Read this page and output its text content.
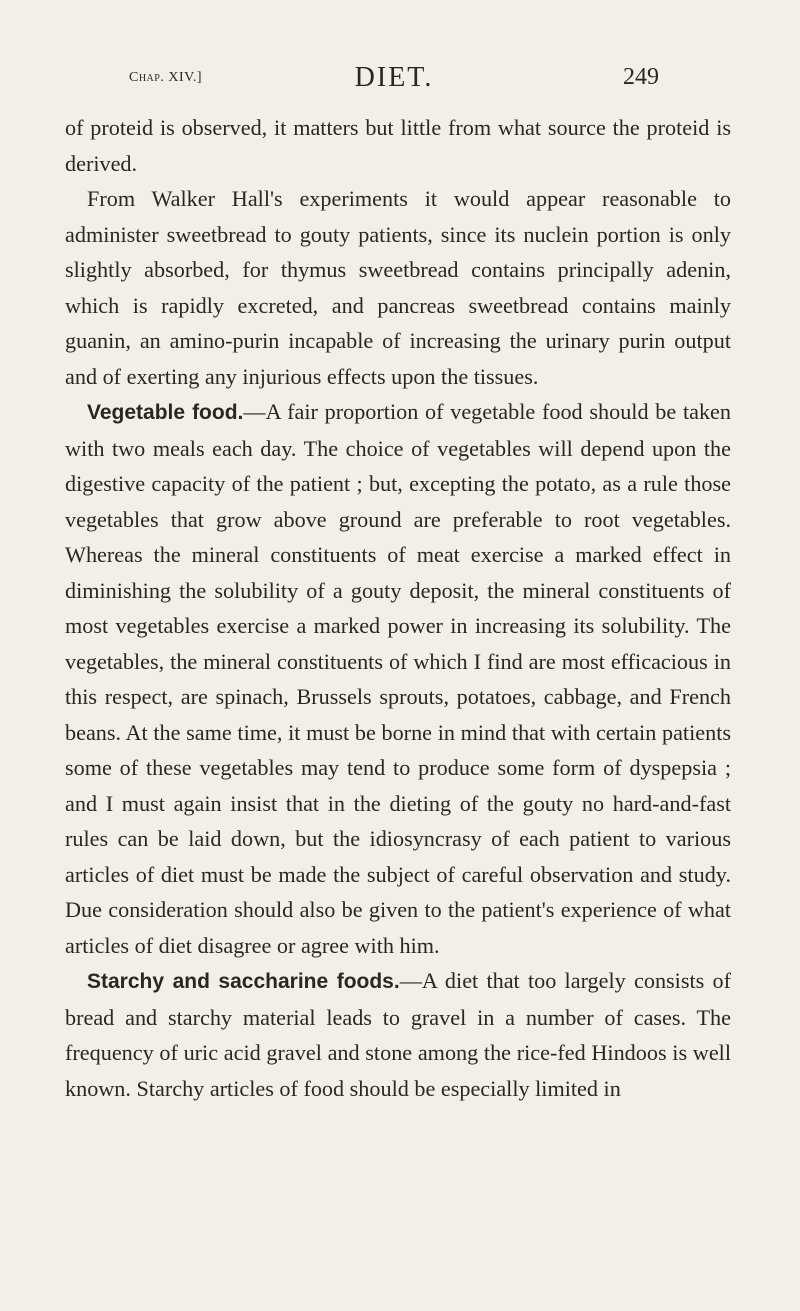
Chap. XIV.]	DIET.	249

of proteid is observed, it matters but little from what source the proteid is derived.

From Walker Hall's experiments it would appear reasonable to administer sweetbread to gouty patients, since its nuclein portion is only slightly absorbed, for thymus sweetbread contains principally adenin, which is rapidly excreted, and pancreas sweetbread contains mainly guanin, an amino-purin incapable of increasing the urinary purin output and of exerting any injurious effects upon the tissues.

Vegetable food.—A fair proportion of vegetable food should be taken with two meals each day. The choice of vegetables will depend upon the digestive capacity of the patient ; but, excepting the potato, as a rule those vegetables that grow above ground are preferable to root vegetables. Whereas the mineral constituents of meat exercise a marked effect in diminishing the solubility of a gouty deposit, the mineral constituents of most vegetables exercise a marked power in increasing its solubility. The vegetables, the mineral constituents of which I find are most efficacious in this respect, are spinach, Brussels sprouts, potatoes, cabbage, and French beans. At the same time, it must be borne in mind that with certain patients some of these vegetables may tend to produce some form of dyspepsia ; and I must again insist that in the dieting of the gouty no hard-and-fast rules can be laid down, but the idiosyncrasy of each patient to various articles of diet must be made the subject of careful observation and study. Due consideration should also be given to the patient's experience of what articles of diet disagree or agree with him.

Starchy and saccharine foods.—A diet that too largely consists of bread and starchy material leads to gravel in a number of cases. The frequency of uric acid gravel and stone among the rice-fed Hindoos is well known. Starchy articles of food should be especially limited in
